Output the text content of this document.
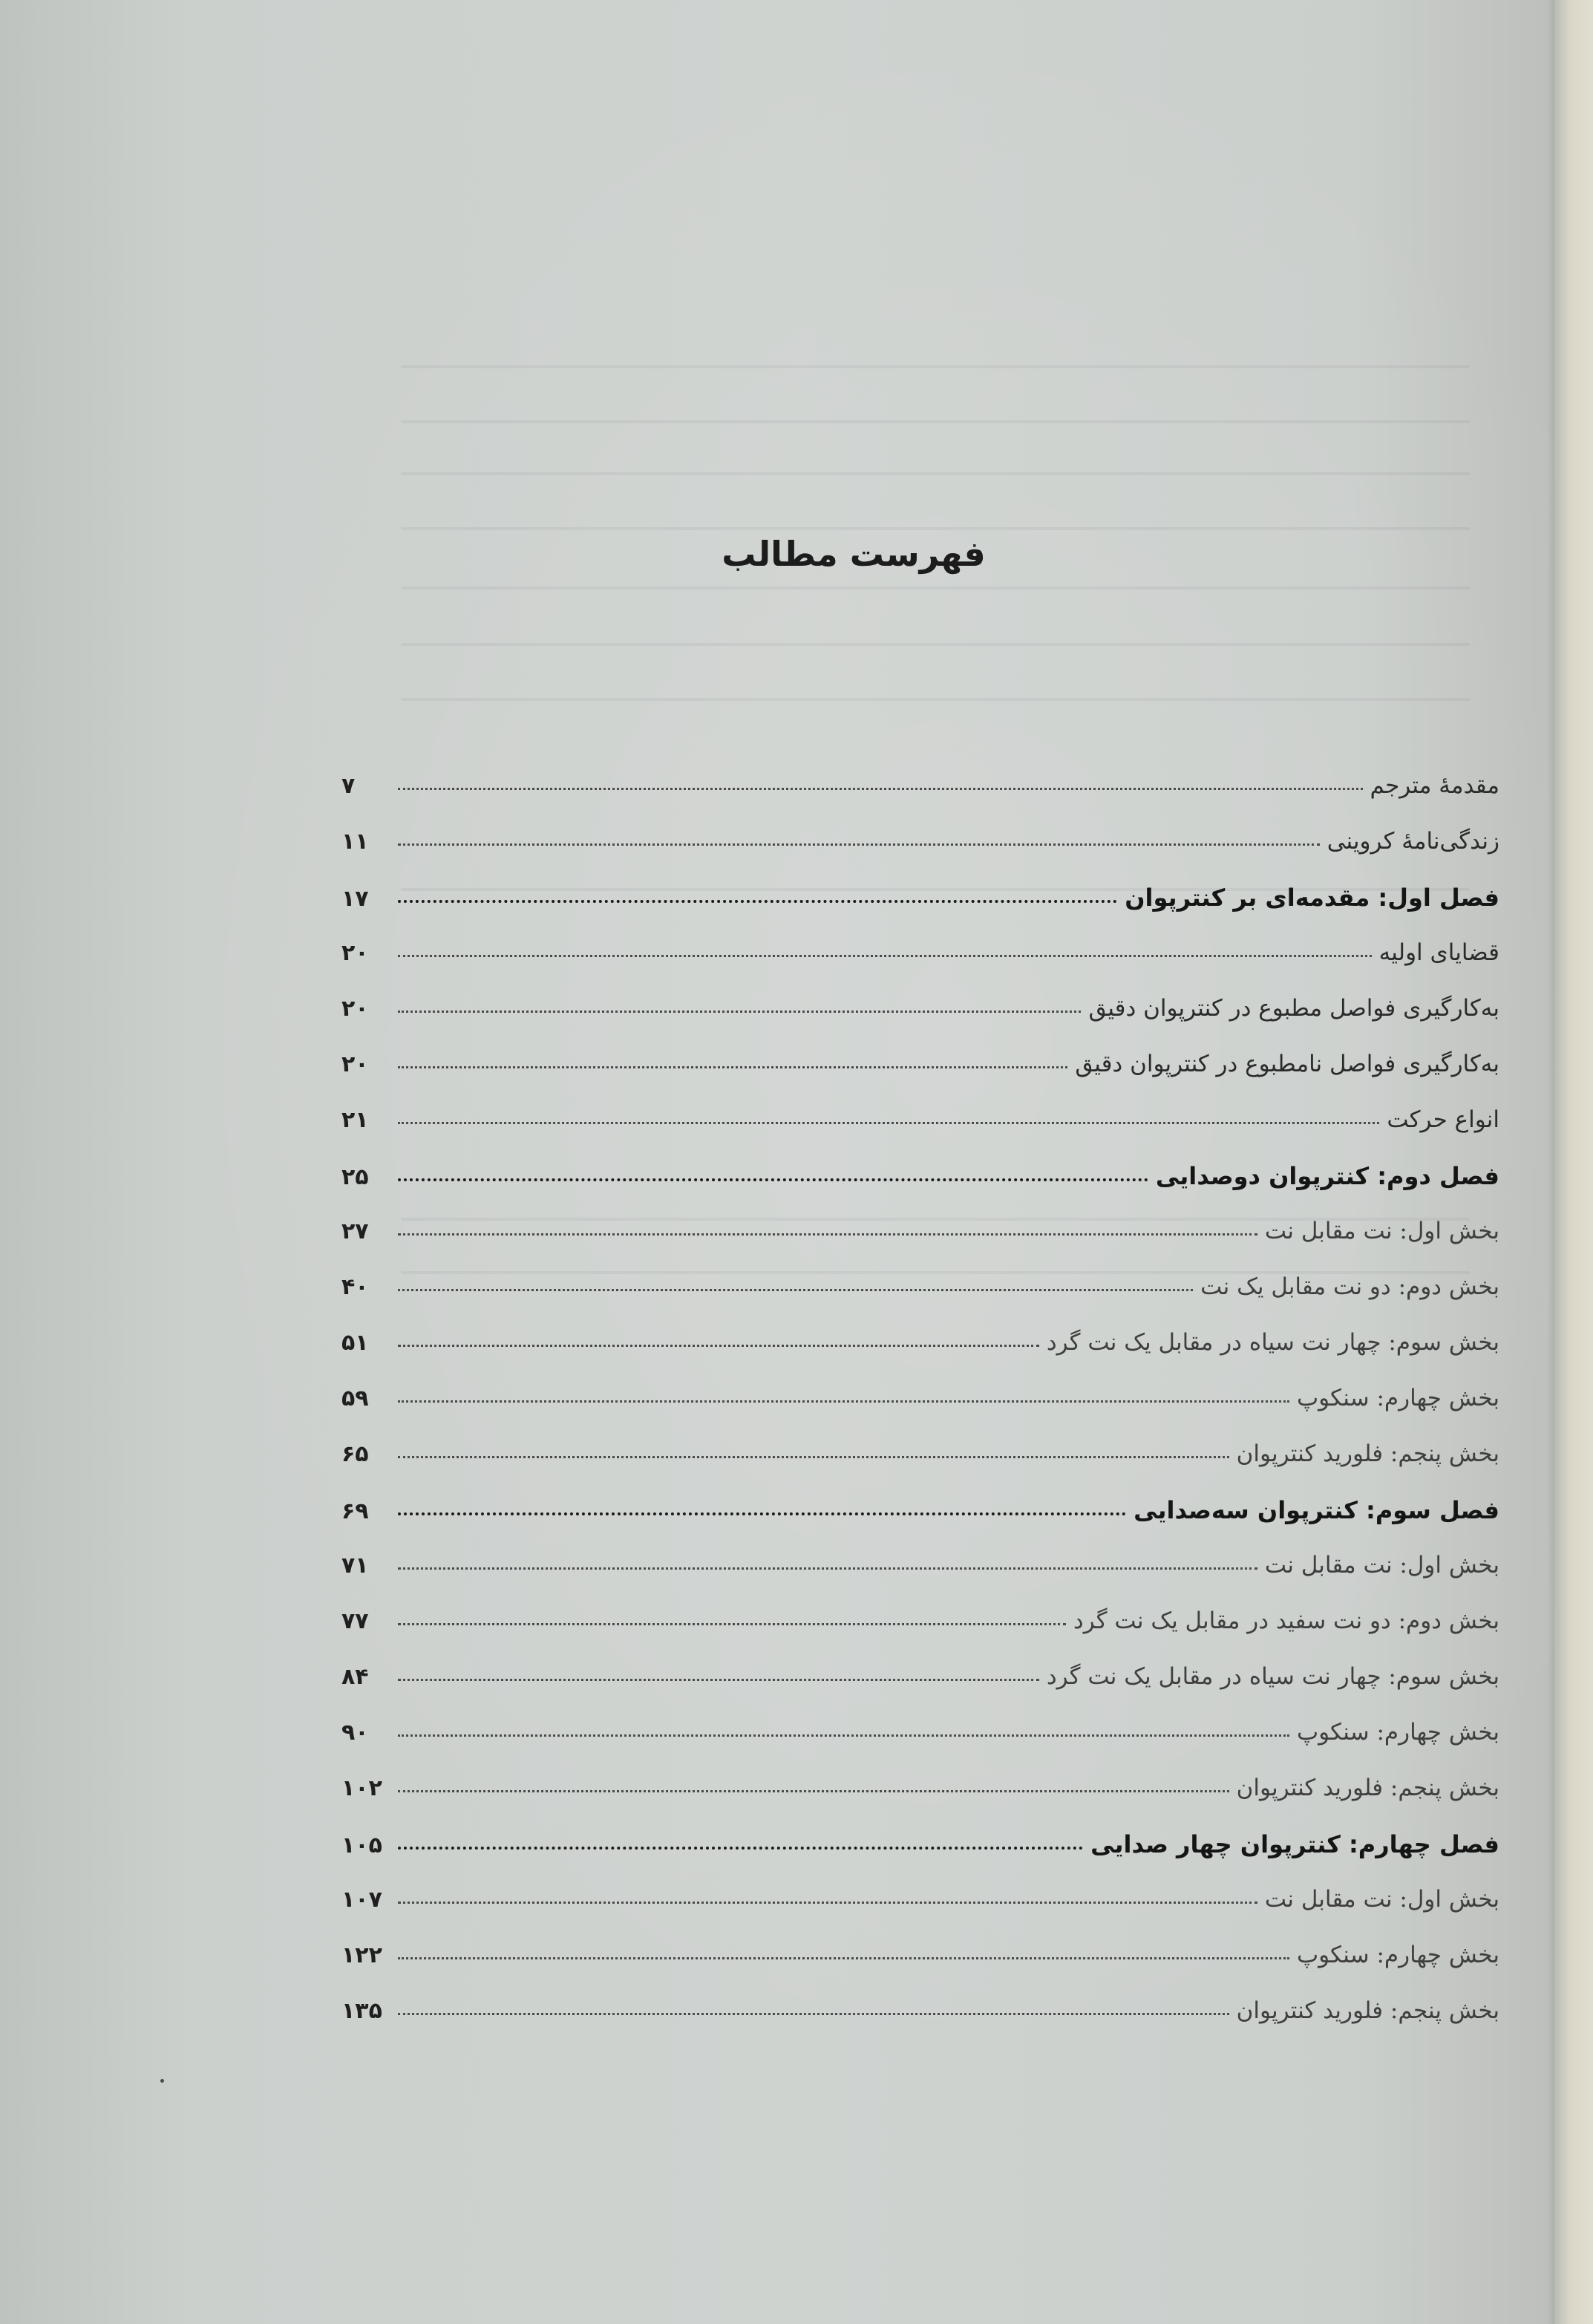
فهرست مطالب
مقدمهٔ مترجم
۷
زندگی‌نامهٔ کروینی
۱۱
فصل اول: مقدمه‌ای بر کنترپوان
۱۷
قضایای اولیه
۲۰
به‌کارگیری فواصل مطبوع در کنترپوان دقیق
۲۰
به‌کارگیری فواصل نامطبوع در کنترپوان دقیق
۲۰
انواع حرکت
۲۱
فصل دوم: کنترپوان دوصدایی
۲۵
بخش اول: نت مقابل نت
۲۷
بخش دوم: دو نت مقابل یک نت
۴۰
بخش سوم: چهار نت سیاه در مقابل یک نت گرد
۵۱
بخش چهارم: سنکوپ
۵۹
بخش پنجم: فلورید کنترپوان
۶۵
فصل سوم: کنترپوان سه‌صدایی
۶۹
بخش اول: نت مقابل نت
۷۱
بخش دوم: دو نت سفید در مقابل یک نت گرد
۷۷
بخش سوم: چهار نت سیاه در مقابل یک نت گرد
۸۴
بخش چهارم: سنکوپ
۹۰
بخش پنجم: فلورید کنترپوان
۱۰۲
فصل چهارم: کنترپوان چهار صدایی
۱۰۵
بخش اول: نت مقابل نت
۱۰۷
بخش چهارم: سنکوپ
۱۲۲
بخش پنجم: فلورید کنترپوان
۱۳۵
